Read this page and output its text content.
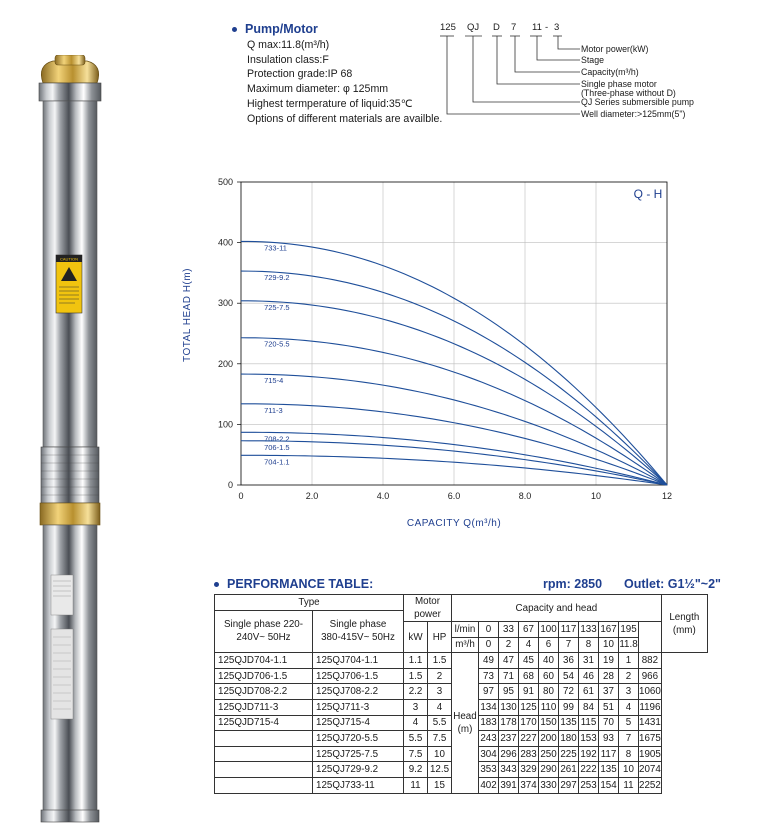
CAUTION
Pump/Motor
Q max:11.8(m³/h)
Insulation class:F
Protection grade:IP 68
Maximum diameter: φ 125mm
Highest termperature of liquid:35℃
Options of different materials are availble.
125 QJ D 7 11 - 3
Motor power(kW)
Stage
Capacity(m³/h)
Single phase motor
(Three-phase without D)
QJ Series submersible pump
Well diameter:>125mm(5")
733-11
729-9.2
725-7.5
720-5.5
715-4
711-3
708-2.2
706-1.5
704-1.1
0	2.0	4.0	6.0	8.0	10	12
0
100
200
300
400
500
Q - H
CAPACITY Q(m³/h)
TOTAL HEAD H(m)
PERFORMANCE TABLE:	rpm: 2850 Outlet: G1½"~2"
Type		Motor power		Capacity and head										Length (mm)
Single phase 220-240V~ 50Hz	Single phase 380-415V~ 50Hz													
		kW	HP	l/min	0	33	67	100	117	133	167	195		
				m³/h	0	2	4	6	7	8	10	11.8		
125QJD704-1.1	125QJ704-1.1	1.1	1.5	Head (m)	49	47	45	40	36	31	19	1	882	
125QJD706-1.5	125QJ706-1.5	1.5	2		73	71	68	60	54	46	28	2	966	
125QJD708-2.2	125QJ708-2.2	2.2	3		97	95	91	80	72	61	37	3	1060	
125QJD711-3	125QJ711-3	3	4		134	130	125	110	99	84	51	4	1196	
125QJD715-4	125QJ715-4	4	5.5		183	178	170	150	135	115	70	5	1431	
	125QJ720-5.5	5.5	7.5		243	237	227	200	180	153	93	7	1675	
	125QJ725-7.5	7.5	10		304	296	283	250	225	192	117	8	1905	
	125QJ729-9.2	9.2	12.5		353	343	329	290	261	222	135	10	2074	
	125QJ733-11	11	15		402	391	374	330	297	253	154	11	2252	
